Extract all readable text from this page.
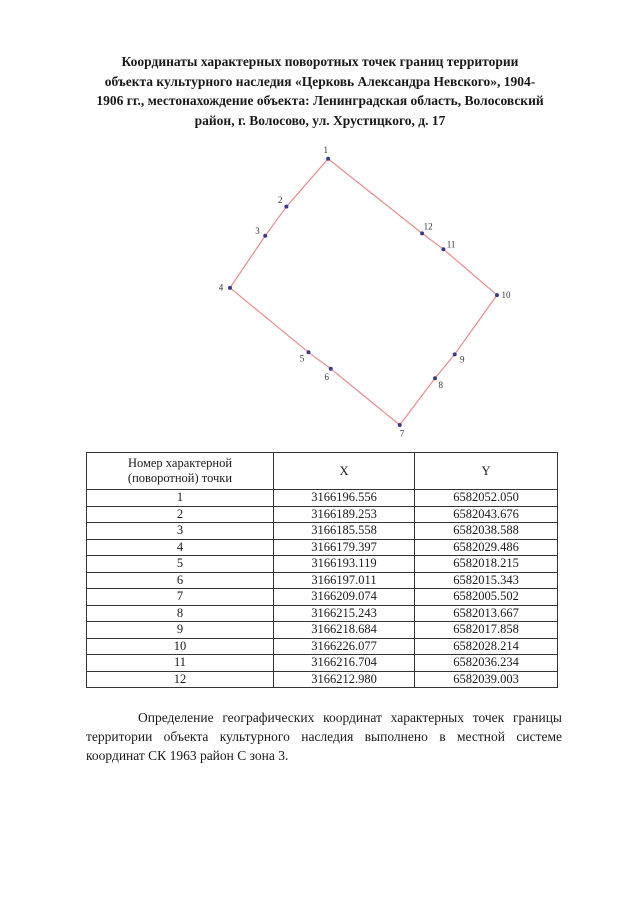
Координаты характерных поворотных точек границ территории
объекта культурного наследия «Церковь Александра Невского», 1904-
1906 гг., местонахождение объекта: Ленинградская область, Волосовский
район, г. Волосово, ул. Хрустицкого, д. 17
1
2
3
4
5
6
7
8
9
10
11
12
Номер характерной
(поворотной) точки	X	Y
1	3166196.556	6582052.050
2	3166189.253	6582043.676
3	3166185.558	6582038.588
4	3166179.397	6582029.486
5	3166193.119	6582018.215
6	3166197.011	6582015.343
7	3166209.074	6582005.502
8	3166215.243	6582013.667
9	3166218.684	6582017.858
10	3166226.077	6582028.214
11	3166216.704	6582036.234
12	3166212.980	6582039.003
Определение географических координат характерных точек границы территории объекта культурного наследия выполнено в местной системе координат СК 1963 район С зона 3.
